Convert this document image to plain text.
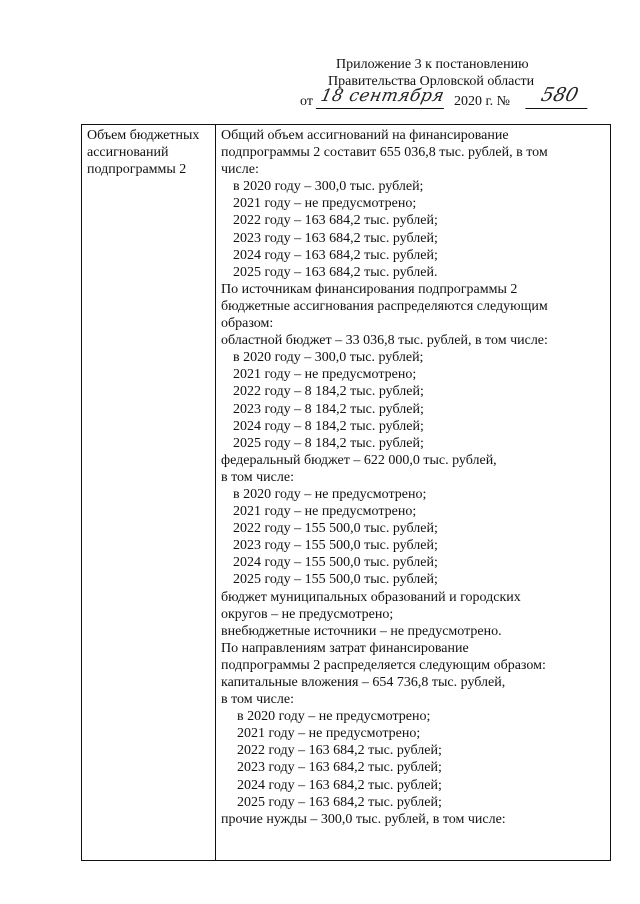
Приложение 3 к постановлению
Правительства Орловской области
от 18 сентября 2020 г. №	580
Объем бюджетных
ассигнований
подпрограммы 2

Общий объем ассигнований на финансирование
подпрограммы 2 составит 655 036,8 тыс. рублей, в том
числе:
в 2020 году – 300,0 тыс. рублей;
2021 году – не предусмотрено;
2022 году – 163 684,2 тыс. рублей;
2023 году – 163 684,2 тыс. рублей;
2024 году – 163 684,2 тыс. рублей;
2025 году – 163 684,2 тыс. рублей.
По источникам финансирования подпрограммы 2
бюджетные ассигнования распределяются следующим
образом:
областной бюджет – 33 036,8 тыс. рублей, в том числе:
в 2020 году – 300,0 тыс. рублей;
2021 году – не предусмотрено;
2022 году – 8 184,2 тыс. рублей;
2023 году – 8 184,2 тыс. рублей;
2024 году – 8 184,2 тыс. рублей;
2025 году – 8 184,2 тыс. рублей;
федеральный бюджет – 622 000,0 тыс. рублей,
в том числе:
в 2020 году – не предусмотрено;
2021 году – не предусмотрено;
2022 году – 155 500,0 тыс. рублей;
2023 году – 155 500,0 тыс. рублей;
2024 году – 155 500,0 тыс. рублей;
2025 году – 155 500,0 тыс. рублей;
бюджет муниципальных образований и городских
округов – не предусмотрено;
внебюджетные источники – не предусмотрено.
По направлениям затрат финансирование
подпрограммы 2 распределяется следующим образом:
капитальные вложения – 654 736,8 тыс. рублей,
в том числе:
в 2020 году – не предусмотрено;
2021 году – не предусмотрено;
2022 году – 163 684,2 тыс. рублей;
2023 году – 163 684,2 тыс. рублей;
2024 году – 163 684,2 тыс. рублей;
2025 году – 163 684,2 тыс. рублей;
прочие нужды – 300,0 тыс. рублей, в том числе:
